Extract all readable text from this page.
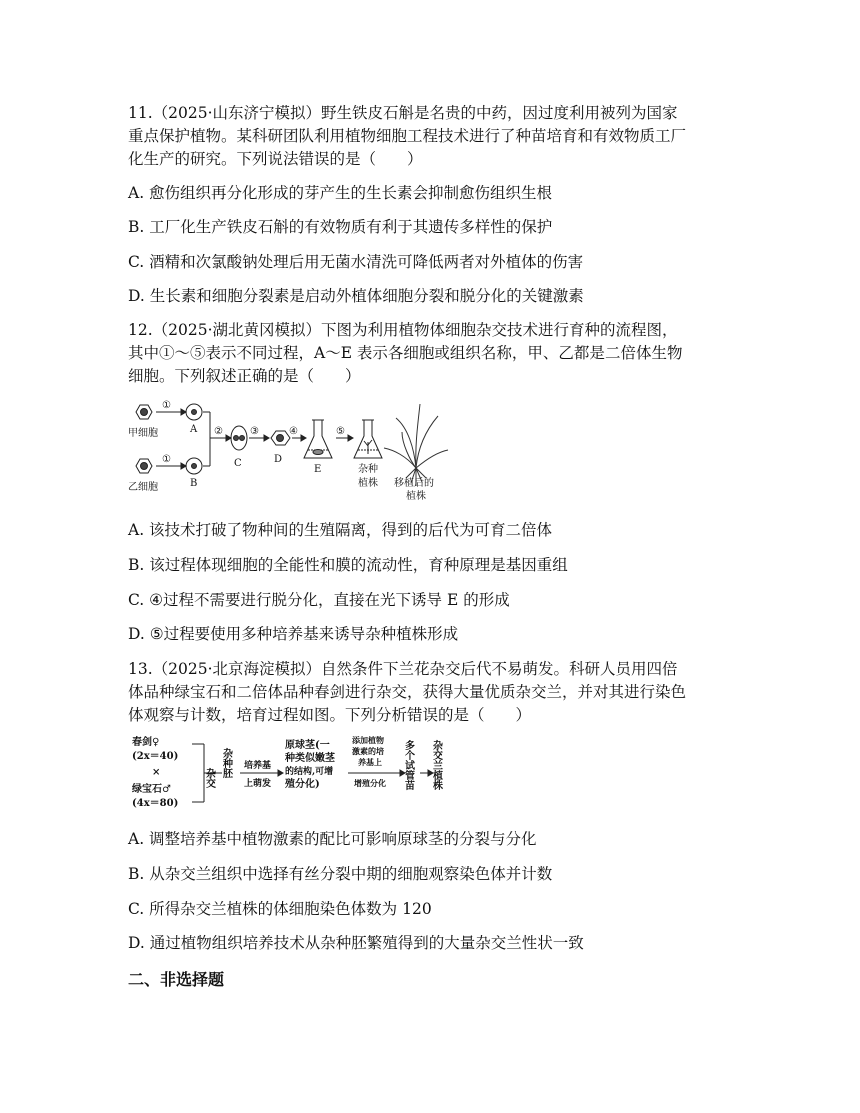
11.（2025·山东济宁模拟）野生铁皮石斛是名贵的中药，因过度利用被列为国家
重点保护植物。某科研团队利用植物细胞工程技术进行了种苗培育和有效物质工厂
化生产的研究。下列说法错误的是（　　）
A. 愈伤组织再分化形成的芽产生的生长素会抑制愈伤组织生根
B. 工厂化生产铁皮石斛的有效物质有利于其遗传多样性的保护
C. 酒精和次氯酸钠处理后用无菌水清洗可降低两者对外植体的伤害
D. 生长素和细胞分裂素是启动外植体细胞分裂和脱分化的关键激素
12.（2025·湖北黄冈模拟）下图为利用植物体细胞杂交技术进行育种的流程图，
其中①～⑤表示不同过程，A～E 表示各细胞或组织名称，甲、乙都是二倍体生物
细胞。下列叙述正确的是（　　）
①
①
甲细胞
乙细胞
A
B
②
C
③
D
④
E
⑤
杂种
植株 移植后的
植株
A. 该技术打破了物种间的生殖隔离，得到的后代为可育二倍体
B. 该过程体现细胞的全能性和膜的流动性，育种原理是基因重组
C. ④过程不需要进行脱分化，直接在光下诱导 E 的形成
D. ⑤过程要使用多种培养基来诱导杂种植株形成
13.（2025·北京海淀模拟）自然条件下兰花杂交后代不易萌发。科研人员用四倍
体品种绿宝石和二倍体品种春剑进行杂交，获得大量优质杂交兰，并对其进行染色
体观察与计数，培育过程如图。下列分析错误的是（　　）
春剑♀
(2x＝40)
×
绿宝石♂
(4x＝80)
杂交 杂种胚 培养基
上萌发
原球茎(一
种类似嫩茎
的结构,可增
殖分化)
添加植物
激素的培
养基上
增殖分化 多个试管苗 杂交兰植株
A. 调整培养基中植物激素的配比可影响原球茎的分裂与分化
B. 从杂交兰组织中选择有丝分裂中期的细胞观察染色体并计数
C. 所得杂交兰植株的体细胞染色体数为 120
D. 通过植物组织培养技术从杂种胚繁殖得到的大量杂交兰性状一致
二、非选择题
